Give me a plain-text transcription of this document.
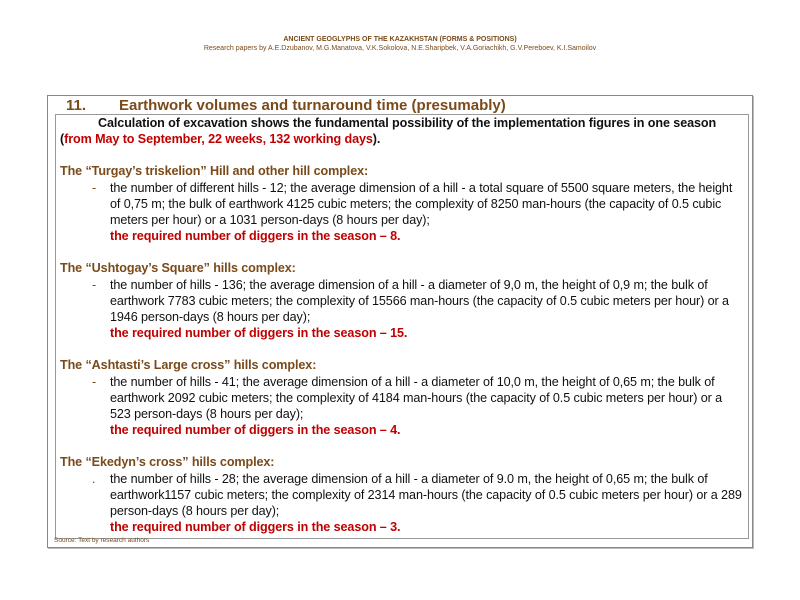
ANCIENT GEOGLYPHS OF THE KAZAKHSTAN (FORMS & POSITIONS)
Research papers by A.E.Dzubanov, M.G.Manatova, V.K.Sokolova, N.E.Sharipbek, V.A.Goriachikh, G.V.Pereboev, K.I.Samoilov
11. Earthwork volumes and turnaround time (presumably)
Calculation of excavation shows the fundamental possibility of the implementation figures in one season (from May to September, 22 weeks, 132 working days).
The “Turgay’s triskelion” Hill and other hill complex:
- the number of different hills - 12; the average dimension of a hill - a total square of 5500 square meters, the height of 0,75 m; the bulk of earthwork 4125 cubic meters; the complexity of 8250 man-hours (the capacity of 0.5 cubic meters per hour) or a 1031 person-days (8 hours per day);
the required number of diggers in the season – 8.
The “Ushtogay’s Square” hills complex:
- the number of hills - 136; the average dimension of a hill - a diameter of 9,0 m, the height of 0,9 m; the bulk of earthwork 7783 cubic meters; the complexity of 15566 man-hours (the capacity of 0.5 cubic meters per hour) or a 1946 person-days (8 hours per day);
the required number of diggers in the season – 15.
The “Ashtasti’s Large cross” hills complex:
- the number of hills - 41; the average dimension of a hill - a diameter of 10,0 m, the height of 0,65 m; the bulk of earthwork 2092 cubic meters; the complexity of 4184 man-hours (the capacity of 0.5 cubic meters per hour) or a 523 person-days (8 hours per day);
the required number of diggers in the season – 4.
The “Ekedyn’s cross” hills complex:
. the number of hills - 28; the average dimension of a hill - a diameter of 9.0 m, the height of 0,65 m; the bulk of earthwork1157 cubic meters; the complexity of 2314 man-hours (the capacity of 0.5 cubic meters per hour) or a 289 person-days (8 hours per day);
the required number of diggers in the season – 3.
Source: Text by research authors
